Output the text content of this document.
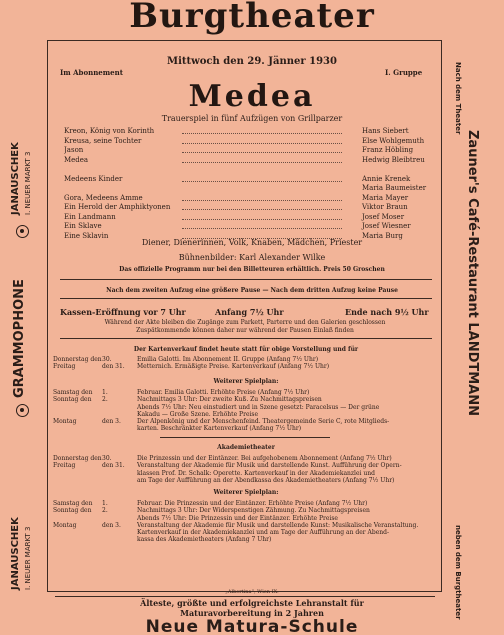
Burgtheater
Mittwoch den 29. Jänner 1930
Im Abonnement	I. Gruppe
Medea
Trauerspiel in fünf Aufzügen von Grillparzer
Kreon, König von Korinth	Hans Siebert
Kreusa, seine Tochter	Else Wohlgemuth
Jason	Franz Höbling
Medea	Hedwig Bleibtreu
Medeens Kinder	Annie Krenek
Maria Baumeister
Gora, Medeens Amme	Maria Mayer
Ein Herold der Amphiktyonen	Viktor Braun
Ein Landmann	Josef Moser
Ein Sklave	Josef Wiesner
Eine Sklavin	Maria Burg
Diener, Dienerinnen, Volk, Knaben, Mädchen, Priester
Bühnenbilder: Karl Alexander Wilke
Das offizielle Programm nur bei den Billetteuren erhältlich. Preis 50 Groschen
Nach dem zweiten Aufzug eine größere Pause — Nach dem dritten Aufzug keine Pause
Kassen-Eröffnung vor 7 Uhr	Anfang 7½ Uhr	Ende nach 9½ Uhr
Während der Akte bleiben die Zugänge zum Parkett, Parterre und den Galerien geschlossen
Zuspätkommende können daher nur während der Pausen Einlaß finden
Der Kartenverkauf findet heute statt für obige Vorstellung und für
Donnerstag den 30.	Emilia Galotti. Im Abonnement II. Gruppe (Anfang 7½ Uhr)
Freitag	den 31.	Metternich. Ermäßigte Preise. Kartenverkauf (Anfang 7½ Uhr)
Weiterer Spielplan:
Samstag den	1.	Februar. Emilia Galotti. Erhöhte Preise (Anfang 7½ Uhr)
Sonntag den	2.	Nachmittags 3 Uhr: Der zweite Kuß. Zu Nachmittagspreisen
Abends 7½ Uhr: Neu einstudiert und in Szene gesetzt: Paracelsus — Der grüne
Kakadu — Große Szene. Erhöhte Preise
Montag	den 3.	Der Alpenkönig und der Menschenfeind. Theatergemeinde Serie C, rote Mitglieds-
karten. Beschränkter Kartenverkauf (Anfang 7½ Uhr)
Akademietheater
Donnerstag den 30.	Die Prinzessin und der Eintänzer. Bei aufgehobenem Abonnement (Anfang 7½ Uhr)
Freitag	den 31.	Veranstaltung der Akademie für Musik und darstellende Kunst. Aufführung der Opern-
klassen Prof. Dr. Schalk: Operette. Kartenverkauf in der Akademiekanzlei und
am Tage der Aufführung an der Abendkassa des Akademietheaters (Anfang 7½ Uhr)
Weiterer Spielplan:
Samstag den	1.	Februar. Die Prinzessin und der Eintänzer. Erhöhte Preise (Anfang 7½ Uhr)
Sonntag den	2.	Nachmittags 3 Uhr: Der Widerspenstigen Zähmung. Zu Nachmittagspreisen
Abends 7½ Uhr: Die Prinzessin und der Eintänzer. Erhöhte Preise
Montag	den 3.	Veranstaltung der Akademie für Musik und darstellende Kunst: Musikalische Veranstaltung.
Kartenverkauf in der Akademiekanzlei und am Tage der Aufführung an der Abend-
kassa des Akademietheaters (Anfang 7 Uhr)
„Albertina“, Wien IX.
Älteste, größte und erfolgreichste Lehranstalt für
Maturavorbereitung in 2 Jahren
Neue Matura-Schule
JANAUSCHEK I. NEUER MARKT 3
GRAMMOPHONE
JANAUSCHEK I. NEUER MARKT 3
Nach dem Theater
Zauner's Café-Restaurant LANDTMANN
neben dem Burgtheater
